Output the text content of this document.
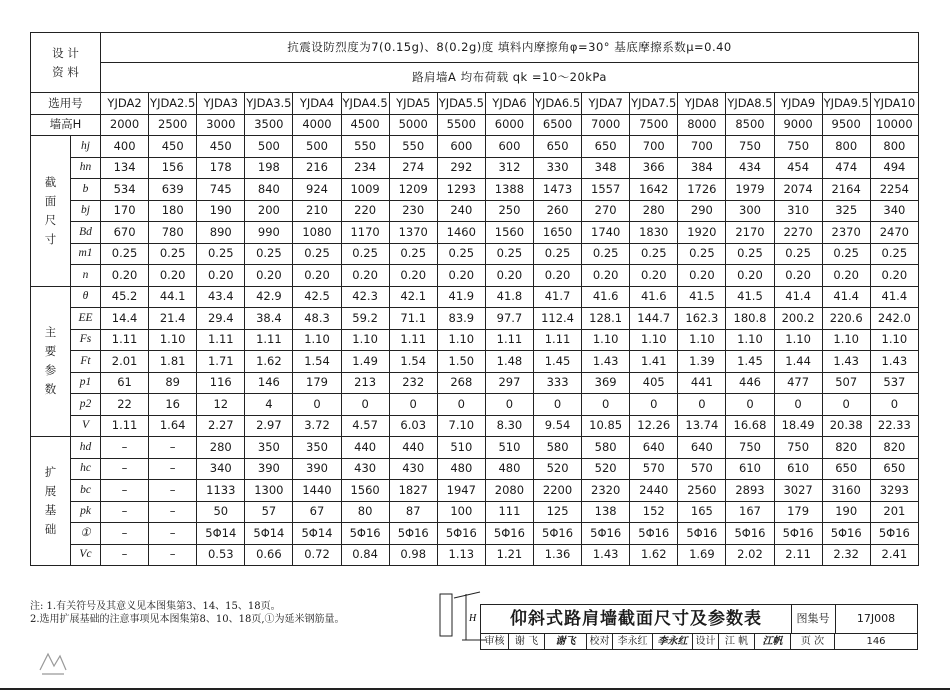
设 计
资 料		抗震设防烈度为7(0.15g)、8(0.2g)度 填料内摩擦角φ=30° 基底摩擦系数μ=0.40																
		路肩墙A 均布荷载 qk =10～20kPa																
选用号		YJDA2	YJDA2.5	YJDA3	YJDA3.5	YJDA4	YJDA4.5	YJDA5	YJDA5.5	YJDA6	YJDA6.5	YJDA7	YJDA7.5	YJDA8	YJDA8.5	YJDA9	YJDA9.5	YJDA10
墙高H		2000	2500	3000	3500	4000	4500	5000	5500	6000	6500	7000	7500	8000	8500	9000	9500	10000

截
面
尺
寸	hj	400	450	450	500	500	550	550	600	600	650	650	700	700	750	750	800	800
	hn	134	156	178	198	216	234	274	292	312	330	348	366	384	434	454	474	494
	b	534	639	745	840	924	1009	1209	1293	1388	1473	1557	1642	1726	1979	2074	2164	2254
	bj	170	180	190	200	210	220	230	240	250	260	270	280	290	300	310	325	340
	Bd	670	780	890	990	1080	1170	1370	1460	1560	1650	1740	1830	1920	2170	2270	2370	2470
	m1	0.25	0.25	0.25	0.25	0.25	0.25	0.25	0.25	0.25	0.25	0.25	0.25	0.25	0.25	0.25	0.25	0.25
	n	0.20	0.20	0.20	0.20	0.20	0.20	0.20	0.20	0.20	0.20	0.20	0.20	0.20	0.20	0.20	0.20	0.20

主
要
参
数	θ	45.2	44.1	43.4	42.9	42.5	42.3	42.1	41.9	41.8	41.7	41.6	41.6	41.5	41.5	41.4	41.4	41.4
	EE	14.4	21.4	29.4	38.4	48.3	59.2	71.1	83.9	97.7	112.4	128.1	144.7	162.3	180.8	200.2	220.6	242.0
	Fs	1.11	1.10	1.11	1.11	1.10	1.10	1.11	1.10	1.11	1.11	1.10	1.10	1.10	1.10	1.10	1.10	1.10
	Ft	2.01	1.81	1.71	1.62	1.54	1.49	1.54	1.50	1.48	1.45	1.43	1.41	1.39	1.45	1.44	1.43	1.43
	p1	61	89	116	146	179	213	232	268	297	333	369	405	441	446	477	507	537
	p2	22	16	12	4	0	0	0	0	0	0	0	0	0	0	0	0	0
	V	1.11	1.64	2.27	2.97	3.72	4.57	6.03	7.10	8.30	9.54	10.85	12.26	13.74	16.68	18.49	20.38	22.33

扩
展
基
础	hd	–	–	280	350	350	440	440	510	510	580	580	640	640	750	750	820	820
	hc	–	–	340	390	390	430	430	480	480	520	520	570	570	610	610	650	650
	bc	–	–	1133	1300	1440	1560	1827	1947	2080	2200	2320	2440	2560	2893	3027	3160	3293
	pk	–	–	50	57	67	80	87	100	111	125	138	152	165	167	179	190	201
	①	–	–	5Φ14	5Φ14	5Φ14	5Φ16	5Φ16	5Φ16	5Φ16	5Φ16	5Φ16	5Φ16	5Φ16	5Φ16	5Φ16	5Φ16	5Φ16
	Vc	–	–	0.53	0.66	0.72	0.84	0.98	1.13	1.21	1.36	1.43	1.62	1.69	2.02	2.11	2.32	2.41
注: 1.有关符号及其意义见本图集第3、14、15、18页。
2.选用扩展基础的注意事项见本图集第8、10、18页,①为延米钢筋量。	H	仰斜式路肩墙截面尺寸及参数表	图集号	17J008
审核	谢 飞	谢飞	校对 李永红	李永红 设计 江 帆	江帆	页 次	146
